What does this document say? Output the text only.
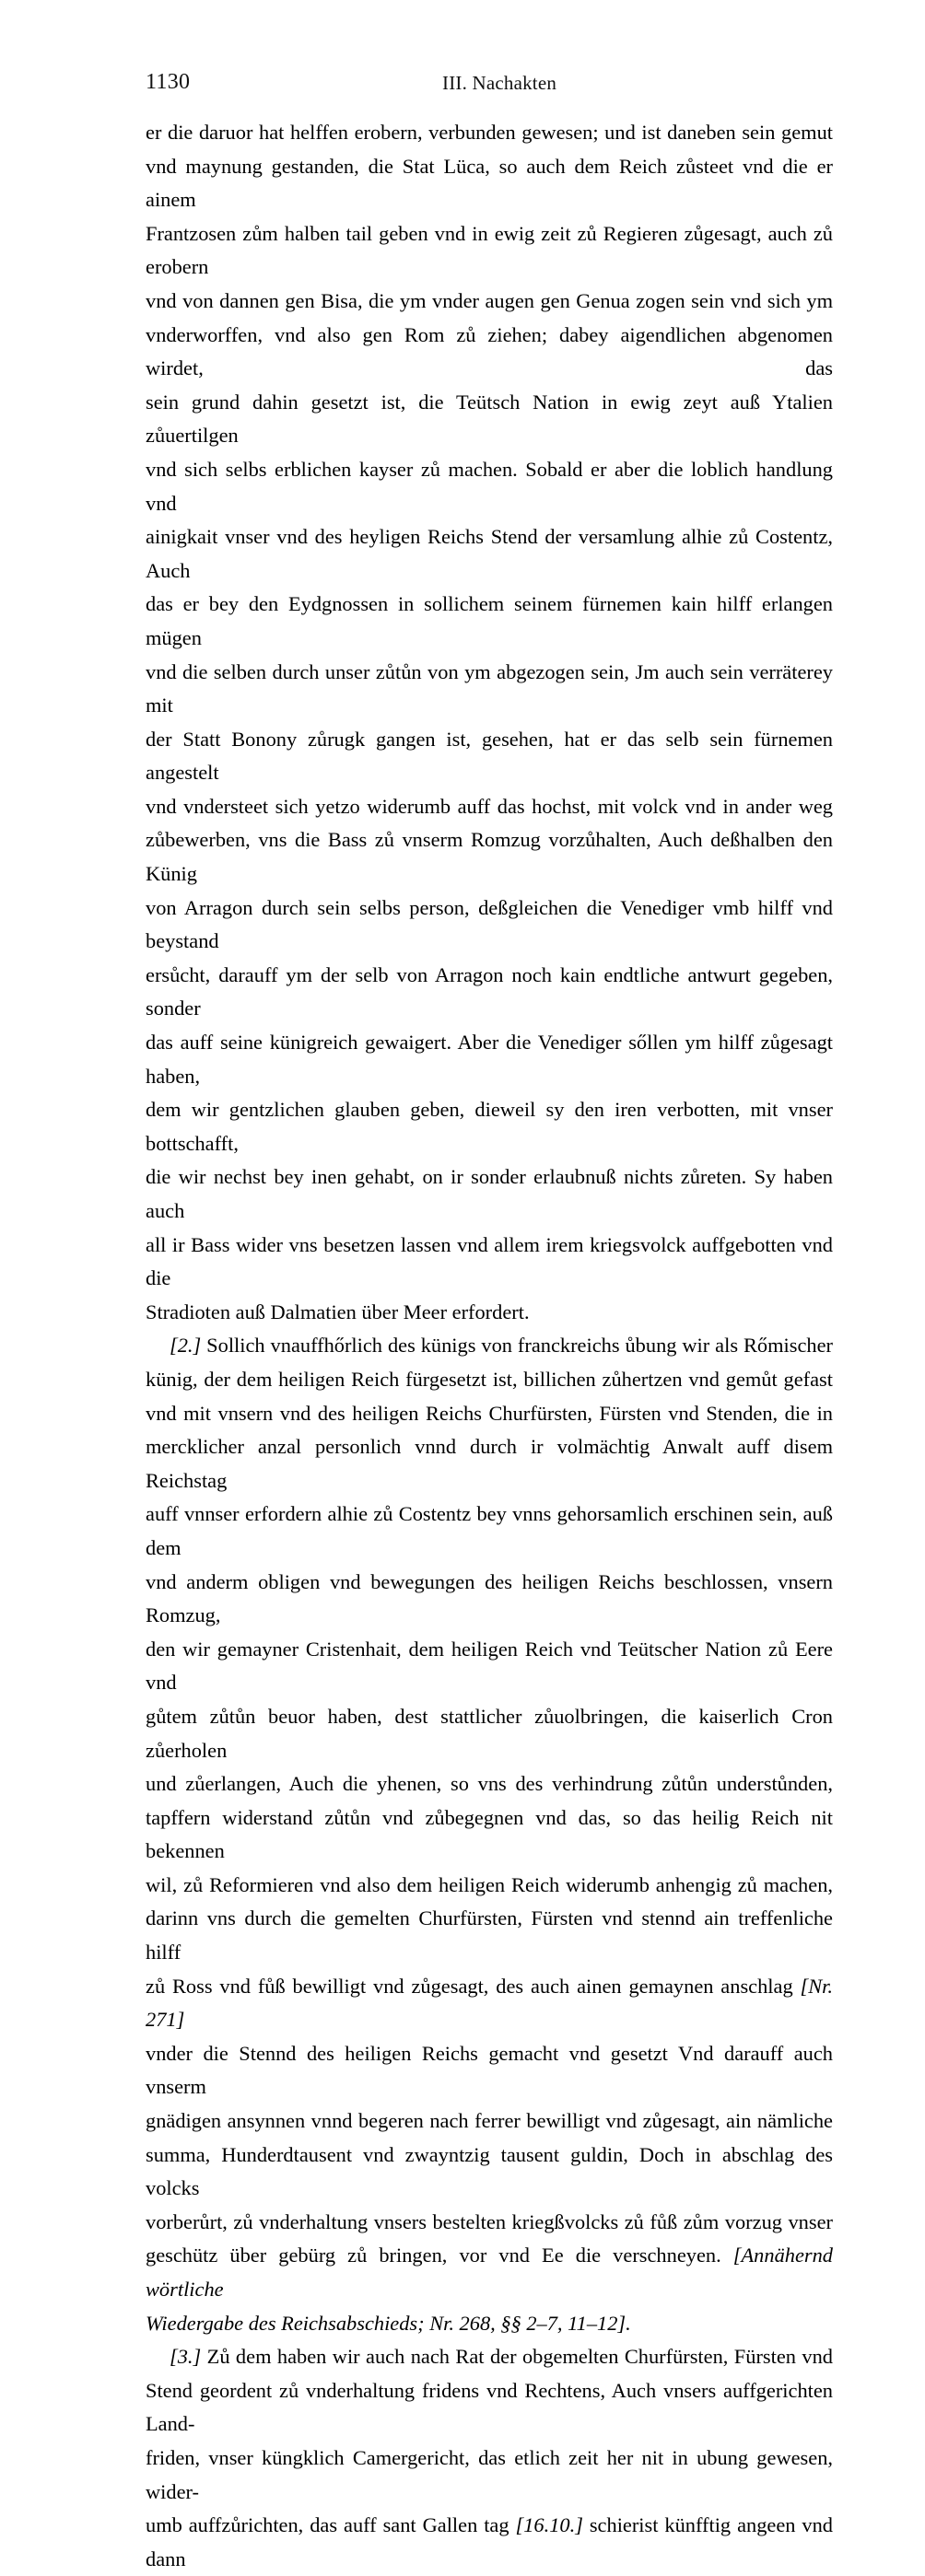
1130	III. Nachakten
er die daruor hat helffen erobern, verbunden gewesen; und ist daneben sein gemut
vnd maynung gestanden, die Stat Lüca, so auch dem Reich zůsteet vnd die er ainem
Frantzosen zům halben tail geben vnd in ewig zeit zů Regieren zůgesagt, auch zů erobern
vnd von dannen gen Bisa, die ym vnder augen gen Genua zogen sein vnd sich ym
vnderworffen, vnd also gen Rom zů ziehen; dabey aigendlichen abgenomen wirdet, das
sein grund dahin gesetzt ist, die Teütsch Nation in ewig zeyt auß Ytalien zůuertilgen
vnd sich selbs erblichen kayser zů machen. Sobald er aber die loblich handlung vnd
ainigkait vnser vnd des heyligen Reichs Stend der versamlung alhie zů Costentz, Auch
das er bey den Eydgnossen in sollichem seinem fürnemen kain hilff erlangen mügen
vnd die selben durch unser zůtůn von ym abgezogen sein, Jm auch sein verräterey mit
der Statt Bonony zůrugk gangen ist, gesehen, hat er das selb sein fürnemen angestelt
vnd vndersteet sich yetzo widerumb auff das hochst, mit volck vnd in ander weg
zůbewerben, vns die Bass zů vnserm Romzug vorzůhalten, Auch deßhalben den Künig
von Arragon durch sein selbs person, deßgleichen die Venediger vmb hilff vnd beystand
ersůcht, darauff ym der selb von Arragon noch kain endtliche antwurt gegeben, sonder
das auff seine künigreich gewaigert. Aber die Venediger sőllen ym hilff zůgesagt haben,
dem wir gentzlichen glauben geben, dieweil sy den iren verbotten, mit vnser bottschafft,
die wir nechst bey inen gehabt, on ir sonder erlaubnuß nichts zůreten. Sy haben auch
all ir Bass wider vns besetzen lassen vnd allem irem kriegsvolck auffgebotten vnd die
Stradioten auß Dalmatien über Meer erfordert.
[2.] Sollich vnauffhőrlich des künigs von franckreichs ůbung wir als Rőmischer
künig, der dem heiligen Reich fürgesetzt ist, billichen zůhertzen vnd gemůt gefast
vnd mit vnsern vnd des heiligen Reichs Churfürsten, Fürsten vnd Stenden, die in
mercklicher anzal personlich vnnd durch ir volmächtig Anwalt auff disem Reichstag
auff vnnser erfordern alhie zů Costentz bey vnns gehorsamlich erschinen sein, auß dem
vnd anderm obligen vnd bewegungen des heiligen Reichs beschlossen, vnsern Romzug,
den wir gemayner Cristenhait, dem heiligen Reich vnd Teütscher Nation zů Eere vnd
gůtem zůtůn beuor haben, dest stattlicher zůuolbringen, die kaiserlich Cron zůerholen
und zůerlangen, Auch die yhenen, so vns des verhindrung zůtůn understůnden,
tapffern widerstand zůtůn vnd zůbegegnen vnd das, so das heilig Reich nit bekennen
wil, zů Reformieren vnd also dem heiligen Reich widerumb anhengig zů machen,
darinn vns durch die gemelten Churfürsten, Fürsten vnd stennd ain treffenliche hilff
zů Ross vnd fůß bewilligt vnd zůgesagt, des auch ainen gemaynen anschlag [Nr. 271]
vnder die Stennd des heiligen Reichs gemacht vnd gesetzt Vnd darauff auch vnserm
gnädigen ansynnen vnnd begeren nach ferrer bewilligt vnd zůgesagt, ain nämliche
summa, Hunderdtausent vnd zwayntzig tausent guldin, Doch in abschlag des volcks
vorberůrt, zů vnderhaltung vnsers bestelten kriegßvolcks zů fůß zům vorzug vnser
geschütz über gebürg zů bringen, vor vnd Ee die verschneyen. [Annähernd wörtliche
Wiedergabe des Reichsabschieds; Nr. 268, §§ 2–7, 11–12].
[3.] Zů dem haben wir auch nach Rat der obgemelten Churfürsten, Fürsten vnd
Stend geordent zů vnderhaltung fridens vnd Rechtens, Auch vnsers auffgerichten Land-
friden, vnser küngklich Camergericht, das etlich zeit her nit in ubung gewesen, wider-
umb auffzůrichten, das auff sant Gallen tag [16.10.] schierist künfftig angeen vnd dann
